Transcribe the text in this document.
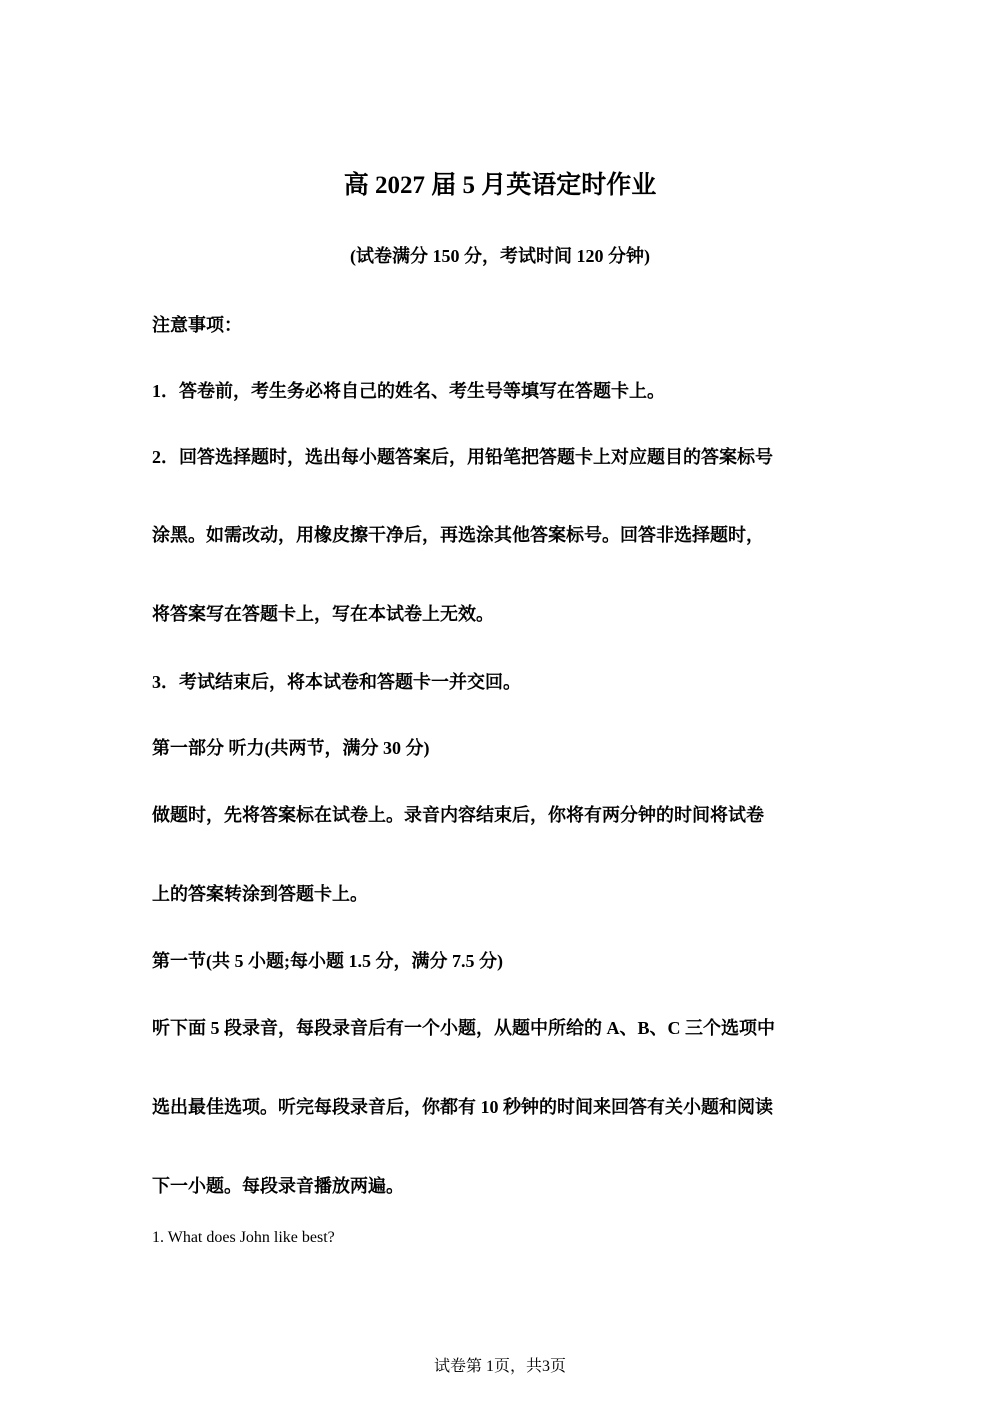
高 2027 届 5 月英语定时作业
(试卷满分 150 分，考试时间 120 分钟)
注意事项：
1．答卷前，考生务必将自己的姓名、考生号等填写在答题卡上。
2．回答选择题时，选出每小题答案后，用铅笔把答题卡上对应题目的答案标号
涂黑。如需改动，用橡皮擦干净后，再选涂其他答案标号。回答非选择题时，
将答案写在答题卡上，写在本试卷上无效。
3．考试结束后，将本试卷和答题卡一并交回。
第一部分 听力(共两节，满分 30 分)
做题时，先将答案标在试卷上。录音内容结束后，你将有两分钟的时间将试卷
上的答案转涂到答题卡上。
第一节(共 5 小题;每小题 1.5 分，满分 7.5 分)
听下面 5 段录音，每段录音后有一个小题，从题中所给的 A、B、C 三个选项中
选出最佳选项。听完每段录音后，你都有 10 秒钟的时间来回答有关小题和阅读
下一小题。每段录音播放两遍。
1. What does John like best?
试卷第 1页，共3页
